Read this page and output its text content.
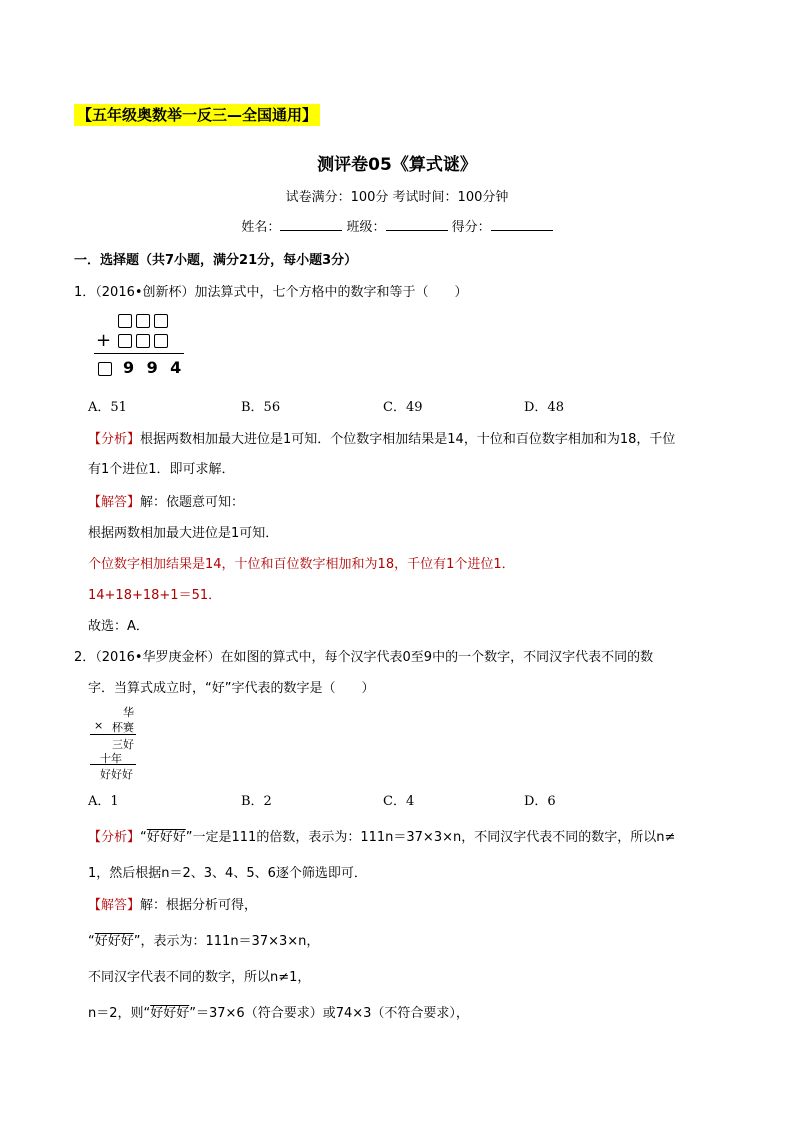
【五年级奥数举一反三—全国通用】
测评卷05《算式谜》
试卷满分：100分 考试时间：100分钟
姓名：	班级：	得分：
一．选择题（共7小题，满分21分，每小题3分）
1．（2016•创新杯）加法算式中，七个方格中的数字和等于（　　）
+
9 9 4
A．51	B．56	C．49	D．48
【分析】根据两数相加最大进位是1可知．个位数字相加结果是14，十位和百位数字相加和为18，千位
有1个进位1．即可求解．
【解答】解：依题意可知：
根据两数相加最大进位是1可知．
个位数字相加结果是14，十位和百位数字相加和为18，千位有1个进位1．
14+18+18+1＝51．
故选：A．
2．（2016•华罗庚金杯）在如图的算式中，每个汉字代表0至9中的一个数字，不同汉字代表不同的数
字．当算式成立时，“好”字代表的数字是（　　）
华
× 杯赛
三好
十年
好好好
A．1	B．2	C．4	D．6
【分析】“好好好”一定是111的倍数，表示为：111n＝37×3×n，不同汉字代表不同的数字，所以n≠
1，然后根据n＝2、3、4、5、6逐个筛选即可．
【解答】解：根据分析可得，
“好好好”，表示为：111n＝37×3×n，
不同汉字代表不同的数字，所以n≠1，
n＝2，则“好好好”＝37×6（符合要求）或74×3（不符合要求），
